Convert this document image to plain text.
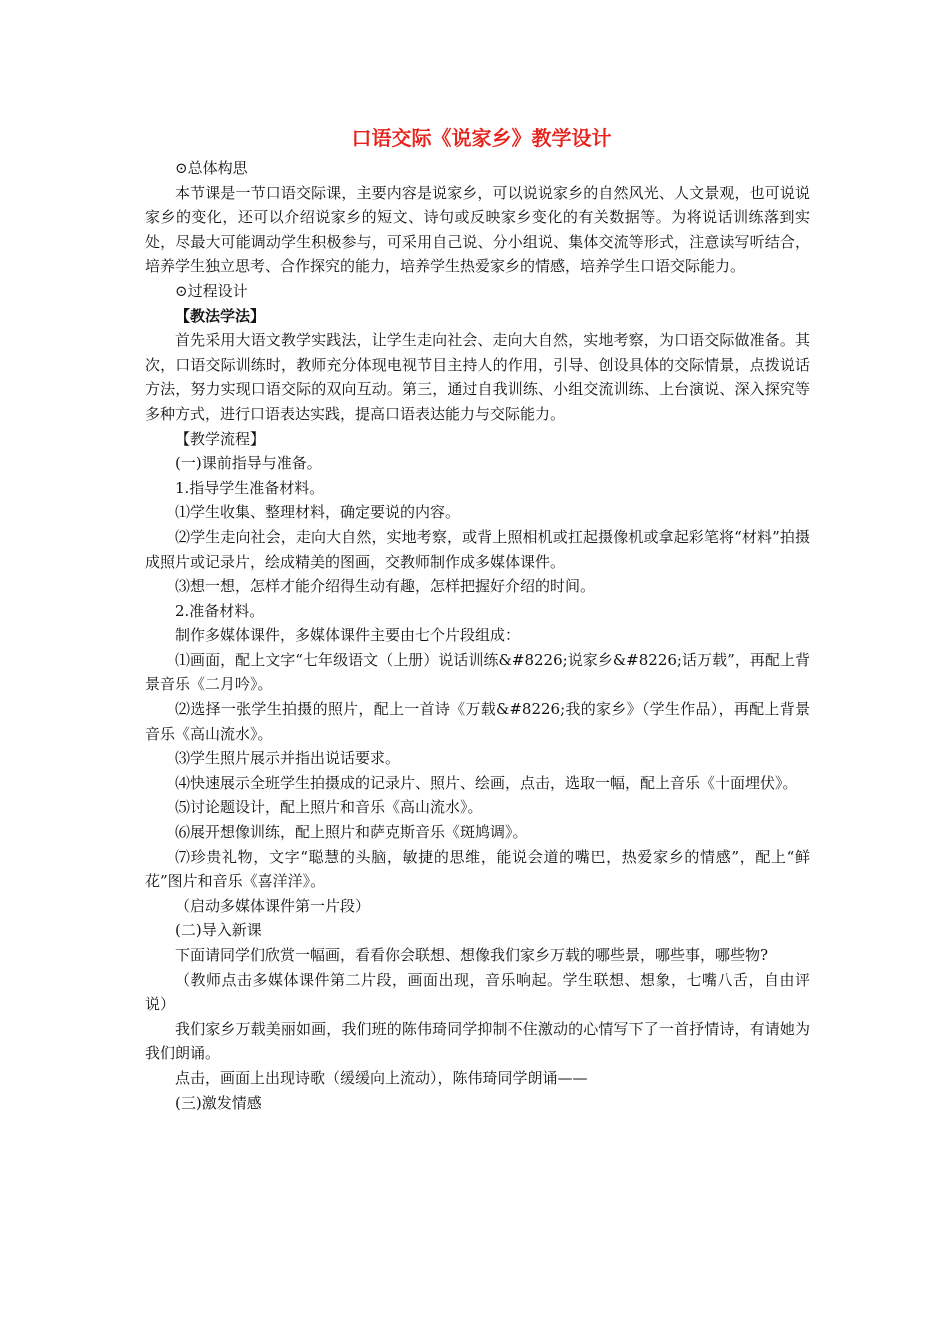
口语交际《说家乡》教学设计

⊙总体构思

本节课是一节口语交际课，主要内容是说家乡，可以说说家乡的自然风光、人文景观，也可说说家乡的变化，还可以介绍说家乡的短文、诗句或反映家乡变化的有关数据等。为将说话训练落到实处，尽最大可能调动学生积极参与，可采用自己说、分小组说、集体交流等形式，注意读写听结合，培养学生独立思考、合作探究的能力，培养学生热爱家乡的情感，培养学生口语交际能力。

⊙过程设计

【教法学法】

首先采用大语文教学实践法，让学生走向社会、走向大自然，实地考察，为口语交际做准备。其次，口语交际训练时，教师充分体现电视节目主持人的作用，引导、创设具体的交际情景，点拨说话方法，努力实现口语交际的双向互动。第三，通过自我训练、小组交流训练、上台演说、深入探究等多种方式，进行口语表达实践，提高口语表达能力与交际能力。

【教学流程】

(一)课前指导与准备。

1.指导学生准备材料。

⑴学生收集、整理材料，确定要说的内容。

⑵学生走向社会，走向大自然，实地考察，或背上照相机或扛起摄像机或拿起彩笔将“材料”拍摄成照片或记录片，绘成精美的图画，交教师制作成多媒体课件。

⑶想一想，怎样才能介绍得生动有趣，怎样把握好介绍的时间。

2.准备材料。

制作多媒体课件，多媒体课件主要由七个片段组成：

⑴画面，配上文字“七年级语文（上册）说话训练&#8226;说家乡&#8226;话万载”，再配上背景音乐《二月吟》。

⑵选择一张学生拍摄的照片，配上一首诗《万载&#8226;我的家乡》（学生作品），再配上背景音乐《高山流水》。

⑶学生照片展示并指出说话要求。

⑷快速展示全班学生拍摄成的记录片、照片、绘画，点击，选取一幅，配上音乐《十面埋伏》。

⑸讨论题设计，配上照片和音乐《高山流水》。

⑹展开想像训练，配上照片和萨克斯音乐《斑鸠调》。

⑺珍贵礼物，文字“聪慧的头脑，敏捷的思维，能说会道的嘴巴，热爱家乡的情感”，配上“鲜花”图片和音乐《喜洋洋》。

（启动多媒体课件第一片段）

(二)导入新课

下面请同学们欣赏一幅画，看看你会联想、想像我们家乡万载的哪些景，哪些事，哪些物?

（教师点击多媒体课件第二片段，画面出现，音乐响起。学生联想、想象，七嘴八舌，自由评说）

我们家乡万载美丽如画，我们班的陈伟琦同学抑制不住激动的心情写下了一首抒情诗，有请她为我们朗诵。

点击，画面上出现诗歌（缓缓向上流动），陈伟琦同学朗诵——

(三)激发情感
